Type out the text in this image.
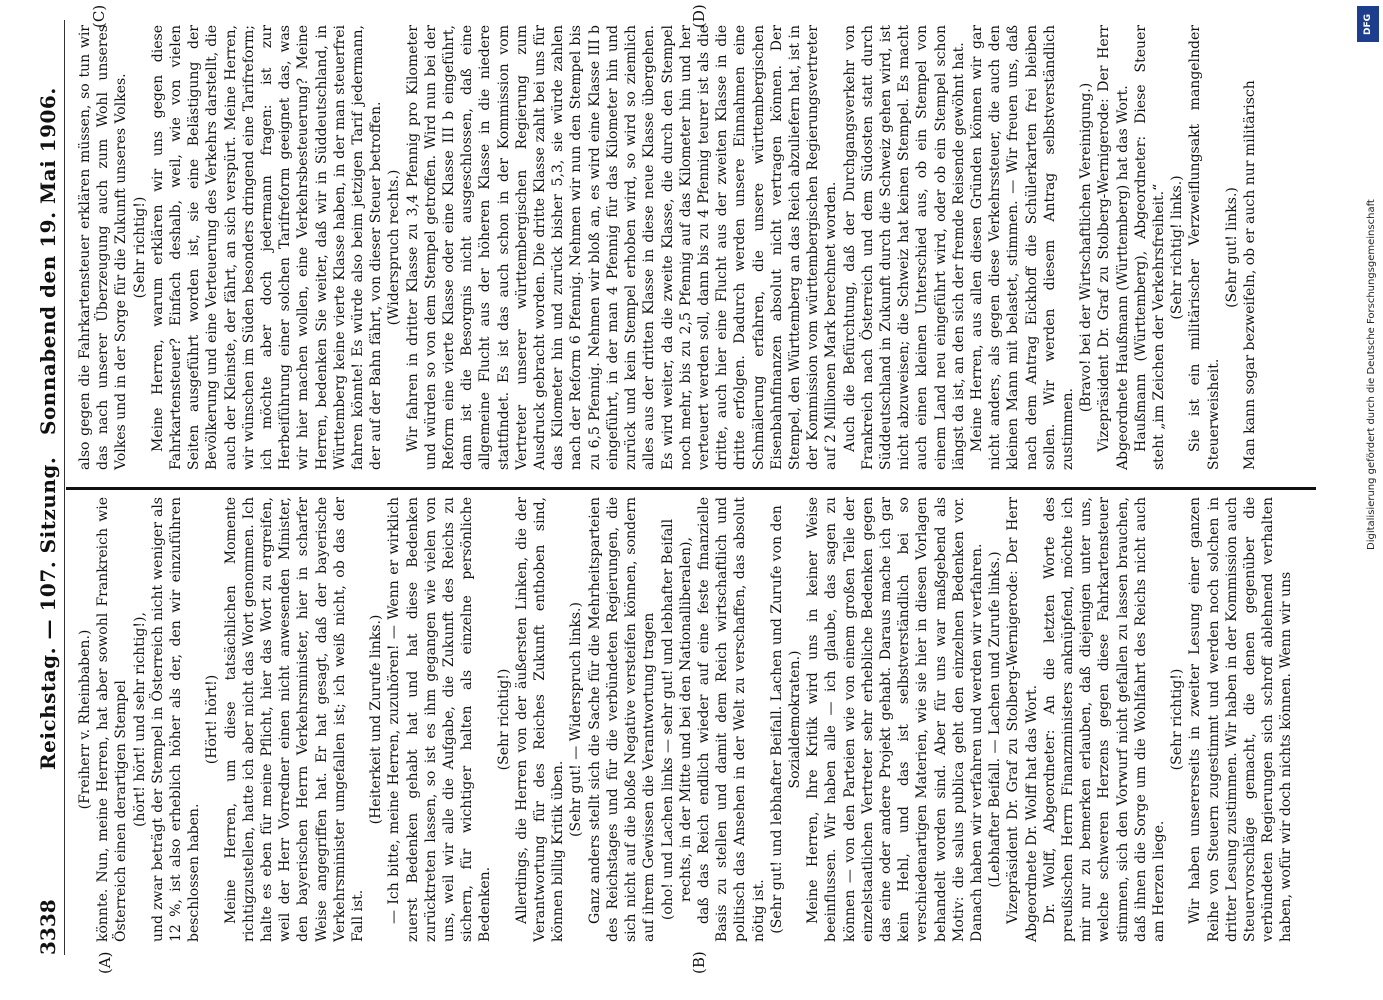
3338
Reichstag. — 107. Sitzung.
Sonnabend den 19. Mai 1906.
(A)	(B)
(C)	(D)

(Freiherr v. Rheinbaben.) könnte. Nun, meine Herren, hat aber sowohl Frankreich wie Österreich einen derartigen Stempel (hört! hört! und sehr richtig!), und zwar beträgt der Stempel in Österreich nicht weniger als 12 %, ist also erheblich höher als der, den wir einzuführen beschlossen haben.

(Hört! hört!) Meine Herren, um diese tatsächlichen Momente richtigzustellen, hatte ich aber nicht das Wort genommen. Ich halte es eben für meine Pflicht, hier das Wort zu ergreifen, weil der Herr Vorredner einen nicht anwesenden Minister, den bayerischen Herrn Verkehrsminister, hier in scharfer Weise angegriffen hat. Er hat gesagt, daß der bayerische Verkehrsminister umgefallen ist; ich weiß nicht, ob das der Fall ist.

(Heiterkeit und Zurufe links.) — Ich bitte, meine Herren, zuzuhören! — Wenn er wirklich zuerst Bedenken gehabt hat und hat diese Bedenken zurücktreten lassen, so ist es ihm gegangen wie vielen von uns, weil wir alle die Aufgabe, die Zukunft des Reichs zu sichern, für wichtiger halten als einzelne persönliche Bedenken.

(Sehr richtig!) Allerdings, die Herren von der äußersten Linken, die der Verantwortung für des Reiches Zukunft enthoben sind, können billig Kritik üben.

(Sehr gut! — Widerspruch links.) Ganz anders stellt sich die Sache für die Mehrheitsparteien des Reichstages und für die verbündeten Regierungen, die sich nicht auf die bloße Negative versteifen können, sondern auf ihrem Gewissen die Verantwortung tragen (oho! und Lachen links — sehr gut! und lebhafter Beifall rechts, in der Mitte und bei den Nationalliberalen), daß das Reich endlich wieder auf eine feste finanzielle Basis zu stellen und damit dem Reich wirtschaftlich und politisch das Ansehen in der Welt zu verschaffen, das absolut nötig ist. (Sehr gut! und lebhafter Beifall. Lachen und Zurufe von den Sozialdemokraten.) Meine Herren, Ihre Kritik wird uns in keiner Weise beeinflussen. Wir haben alle — ich glaube, das sagen zu können — von den Parteien wie von einem großen Teile der einzelstaatlichen Vertreter sehr erhebliche Bedenken gegen das eine oder andere Projekt gehabt. Daraus mache ich gar kein Hehl, und das ist selbstverständlich bei so verschiedenartigen Materien, wie sie hier in diesen Vorlagen behandelt worden sind. Aber für uns war maßgebend als Motiv: die salus publica geht den einzelnen Bedenken vor. Danach haben wir verfahren und werden wir verfahren. (Lebhafter Beifall. — Lachen und Zurufe links.) Vizepräsident Dr. Graf zu Stolberg-Wernigerode: Der Herr Abgeordnete Dr. Wolff hat das Wort. Dr. Wolff, Abgeordneter: An die letzten Worte des preußischen Herrn Finanzministers anknüpfend, möchte ich mir nur zu bemerken erlauben, daß diejenigen unter uns, welche schweren Herzens gegen diese Fahrkartensteuer stimmen, sich den Vorwurf nicht gefallen zu lassen brauchen, daß ihnen die Sorge um die Wohlfahrt des Reichs nicht auch am Herzen liege.

(Sehr richtig!) Wir haben unsererseits in zweiter Lesung einer ganzen Reihe von Steuern zugestimmt und werden noch solchen in dritter Lesung zustimmen. Wir haben in der Kommission auch Steuervorschläge gemacht, die denen gegenüber die verbündeten Regierungen sich schroff ablehnend verhalten haben, wofür wir doch nichts können. Wenn wir uns

also gegen die Fahrkartensteuer erklären müssen, so tun wir das nach unserer Überzeugung auch zum Wohl unseres Volkes und in der Sorge für die Zukunft unseres Volkes. (Sehr richtig!) Meine Herren, warum erklären wir uns gegen diese Fahrkartensteuer? Einfach deshalb, weil, wie von vielen Seiten ausgeführt worden ist, sie eine Belästigung der Bevölkerung und eine Verteuerung des Verkehrs darstellt, die auch der Kleinste, der fährt, an sich verspürt. Meine Herren, wir wünschen im Süden besonders dringend eine Tarifreform; ich möchte aber doch jedermann fragen: ist zur Herbeiführung einer solchen Tarifreform geeignet das, was wir hier machen wollen, eine Verkehrsbesteuerung? Meine Herren, bedenken Sie weiter, daß wir in Süddeutschland, in Württemberg keine vierte Klasse haben, in der man steuerfrei fahren könnte! Es würde also beim jetzigen Tarif jedermann, der auf der Bahn fährt, von dieser Steuer betroffen. (Widerspruch rechts.) Wir fahren in dritter Klasse zu 3,4 Pfennig pro Kilometer und würden so von dem Stempel getroffen. Wird nun bei der Reform eine vierte Klasse oder eine Klasse III b eingeführt, dann ist die Besorgnis nicht ausgeschlossen, daß eine allgemeine Flucht aus der höheren Klasse in die niedere stattfindet. Es ist das auch schon in der Kommission vom Vertreter unserer württembergischen Regierung zum Ausdruck gebracht worden. Die dritte Klasse zahlt bei uns für das Kilometer hin und zurück bisher 5,3, sie würde zahlen nach der Reform 6 Pfennig. Nehmen wir nun den Stempel bis zu 6,5 Pfennig. Nehmen wir bloß an, es wird eine Klasse III b eingeführt, in der man 4 Pfennig für das Kilometer hin und zurück und kein Stempel erhoben wird, so wird so ziemlich alles aus der dritten Klasse in diese neue Klasse übergehen. Es wird weiter, da die zweite Klasse, die durch den Stempel noch mehr, bis zu 2,5 Pfennig auf das Kilometer hin und her verteuert werden soll, dann bis zu 4 Pfennig teurer ist als die dritte, auch hier eine Flucht aus der zweiten Klasse in die dritte erfolgen. Dadurch werden unsere Einnahmen eine Schmälerung erfahren, die unsere württembergischen Eisenbahnfinanzen absolut nicht vertragen können. Der Stempel, den Württemberg an das Reich abzuliefern hat, ist in der Kommission vom württembergischen Regierungsvertreter auf 2 Millionen Mark berechnet worden. Auch die Befürchtung, daß der Durchgangsverkehr von Frankreich nach Österreich und dem Südosten statt durch Süddeutschland in Zukunft durch die Schweiz gehen wird, ist nicht abzuweisen; die Schweiz hat keinen Stempel. Es macht auch einen kleinen Unterschied aus, ob ein Stempel von einem Land neu eingeführt wird, oder ob ein Stempel schon längst da ist, an den sich der fremde Reisende gewöhnt hat. Meine Herren, aus allen diesen Gründen können wir gar nicht anders, als gegen diese Verkehrssteuer, die auch den kleinen Mann mit belastet, stimmen. — Wir freuen uns, daß nach dem Antrag Eickhoff die Schülerkarten frei bleiben sollen. Wir werden diesem Antrag selbstverständlich zustimmen.

(Bravo! bei der Wirtschaftlichen Vereinigung.) Vizepräsident Dr. Graf zu Stolberg-Wernigerode: Der Herr Abgeordnete Haußmann (Württemberg) hat das Wort. Haußmann (Württemberg), Abgeordneter: Diese Steuer steht „im Zeichen der Verkehrsfreiheit.“ (Sehr richtig! links.) Sie ist ein militärischer Verzweiflungsakt mangelnder Steuerweisheit.

(Sehr gut! links.) Man kann sogar bezweifeln, ob er auch nur militärisch

DFG
Digitalisierung gefördert durch die Deutsche Forschungsgemeinschaft
